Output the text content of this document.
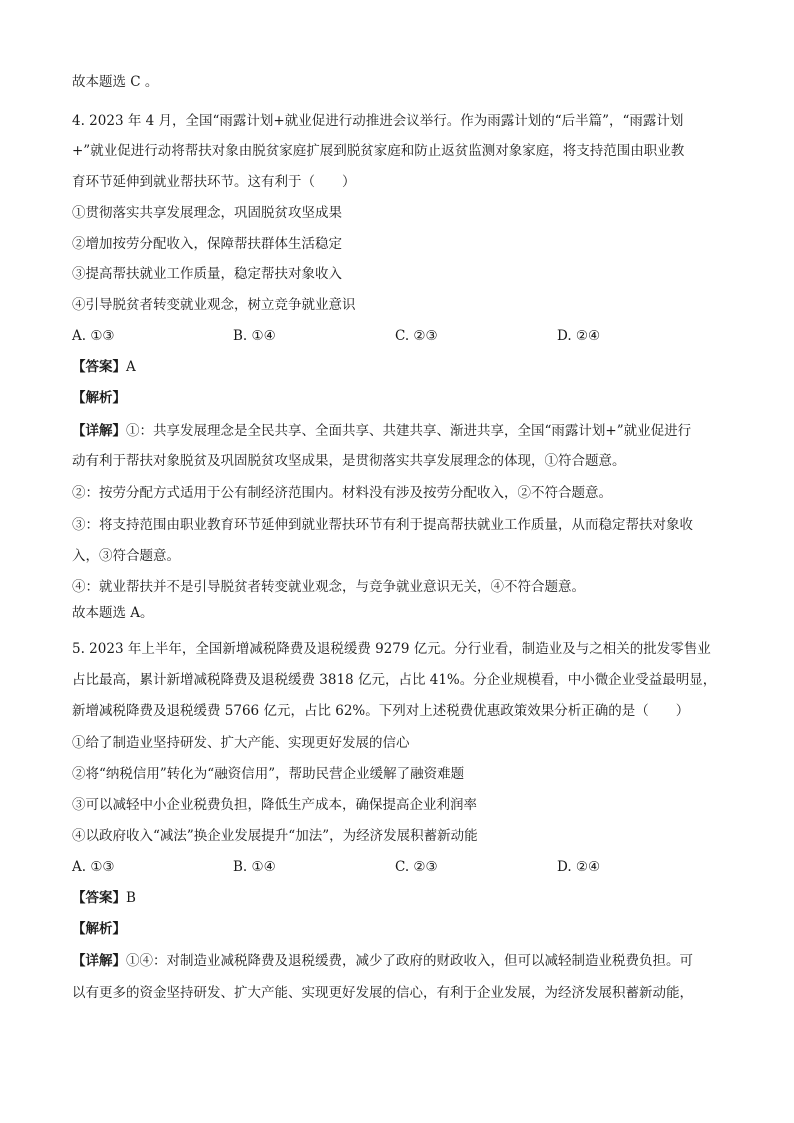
故本题选 C 。
4. 2023 年 4 月，全国“雨露计划+就业促进行动推进会议举行。作为雨露计划的“后半篇”，“雨露计划
+”就业促进行动将帮扶对象由脱贫家庭扩展到脱贫家庭和防止返贫监测对象家庭，将支持范围由职业教
育环节延伸到就业帮扶环节。这有利于（　　）
①贯彻落实共享发展理念，巩固脱贫攻坚成果
②增加按劳分配收入，保障帮扶群体生活稳定
③提高帮扶就业工作质量，稳定帮扶对象收入
④引导脱贫者转变就业观念，树立竞争就业意识
A. ①③	B. ①④	C. ②③	D. ②④
【答案】A
【解析】
【详解】①：共享发展理念是全民共享、全面共享、共建共享、渐进共享，全国“雨露计划+”就业促进行
动有利于帮扶对象脱贫及巩固脱贫攻坚成果，是贯彻落实共享发展理念的体现，①符合题意。
②：按劳分配方式适用于公有制经济范围内。材料没有涉及按劳分配收入，②不符合题意。
③：将支持范围由职业教育环节延伸到就业帮扶环节有利于提高帮扶就业工作质量，从而稳定帮扶对象收
入，③符合题意。
④：就业帮扶并不是引导脱贫者转变就业观念，与竞争就业意识无关，④不符合题意。
故本题选 A。
5. 2023 年上半年，全国新增减税降费及退税缓费 9279 亿元。分行业看，制造业及与之相关的批发零售业
占比最高，累计新增减税降费及退税缓费 3818 亿元，占比 41%。分企业规模看，中小微企业受益最明显，
新增减税降费及退税缓费 5766 亿元，占比 62%。下列对上述税费优惠政策效果分析正确的是（　　）
①给了制造业坚持研发、扩大产能、实现更好发展的信心
②将“纳税信用”转化为“融资信用”，帮助民营企业缓解了融资难题
③可以减轻中小企业税费负担，降低生产成本，确保提高企业利润率
④以政府收入“减法”换企业发展提升“加法”，为经济发展积蓄新动能
A. ①③	B. ①④	C. ②③	D. ②④
【答案】B
【解析】
【详解】①④：对制造业减税降费及退税缓费，减少了政府的财政收入，但可以减轻制造业税费负担。可
以有更多的资金坚持研发、扩大产能、实现更好发展的信心，有利于企业发展，为经济发展积蓄新动能，
